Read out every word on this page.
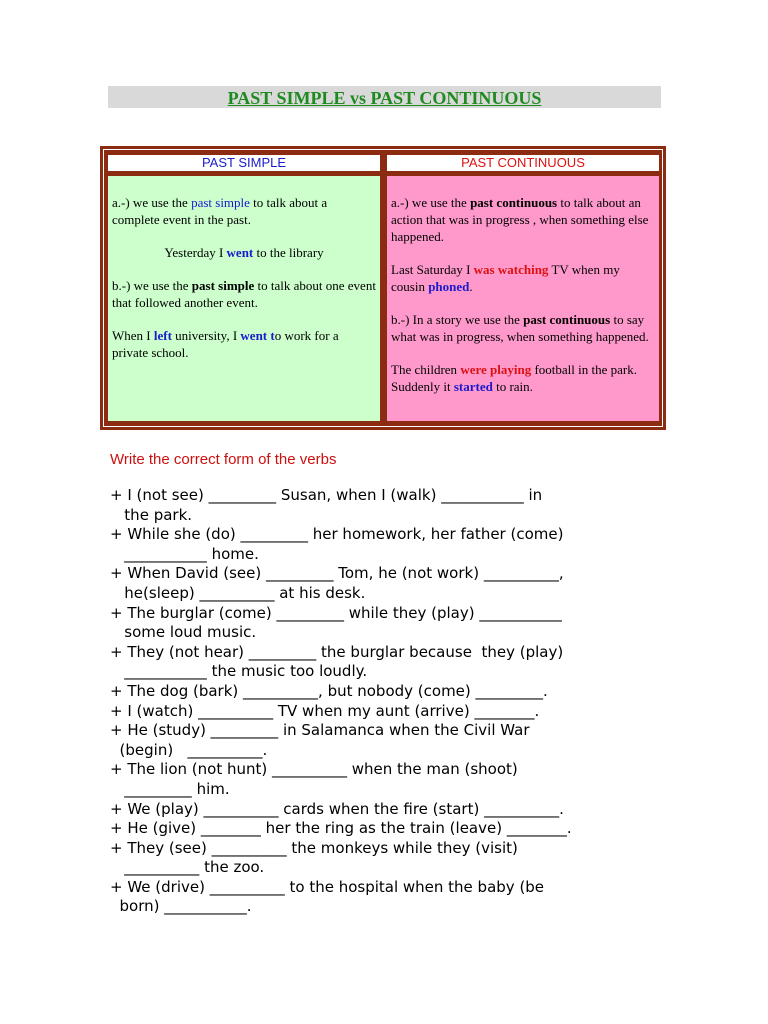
PAST SIMPLE vs PAST CONTINUOUS
PAST SIMPLE	PAST CONTINUOUS

a.-) we use the past simple to talk about a complete event in the past.

Yesterday I went to the library

b.-) we use the past simple to talk about one event that followed another event.

When I left university, I went to work for a private school.

a.-) we use the past continuous to talk about an action that was in progress , when something else happened.

Last Saturday I was watching TV when my cousin phoned.

b.-) In a story we use the past continuous to say what was in progress, when something happened.

The children were playing football in the park. Suddenly it started to rain.

Write the correct form of the verbs
+ I (not see) _________ Susan, when I (walk) ___________ in
the park.
+ While she (do) _________ her homework, her father (come)
___________ home.
+ When David (see) _________ Tom, he (not work) __________,
he(sleep) __________ at his desk.
+ The burglar (come) _________ while they (play) ___________
some loud music.
+ They (not hear) _________ the burglar because  they (play)
___________ the music too loudly.
+ The dog (bark) __________, but nobody (come) _________.
+ I (watch) __________ TV when my aunt (arrive) ________.
+ He (study) _________ in Salamanca when the Civil War
(begin)   __________.
+ The lion (not hunt) __________ when the man (shoot)
_________ him.
+ We (play) __________ cards when the fire (start) __________.
+ He (give) ________ her the ring as the train (leave) ________.
+ They (see) __________ the monkeys while they (visit)
__________ the zoo.
+ We (drive) __________ to the hospital when the baby (be
born) ___________.
